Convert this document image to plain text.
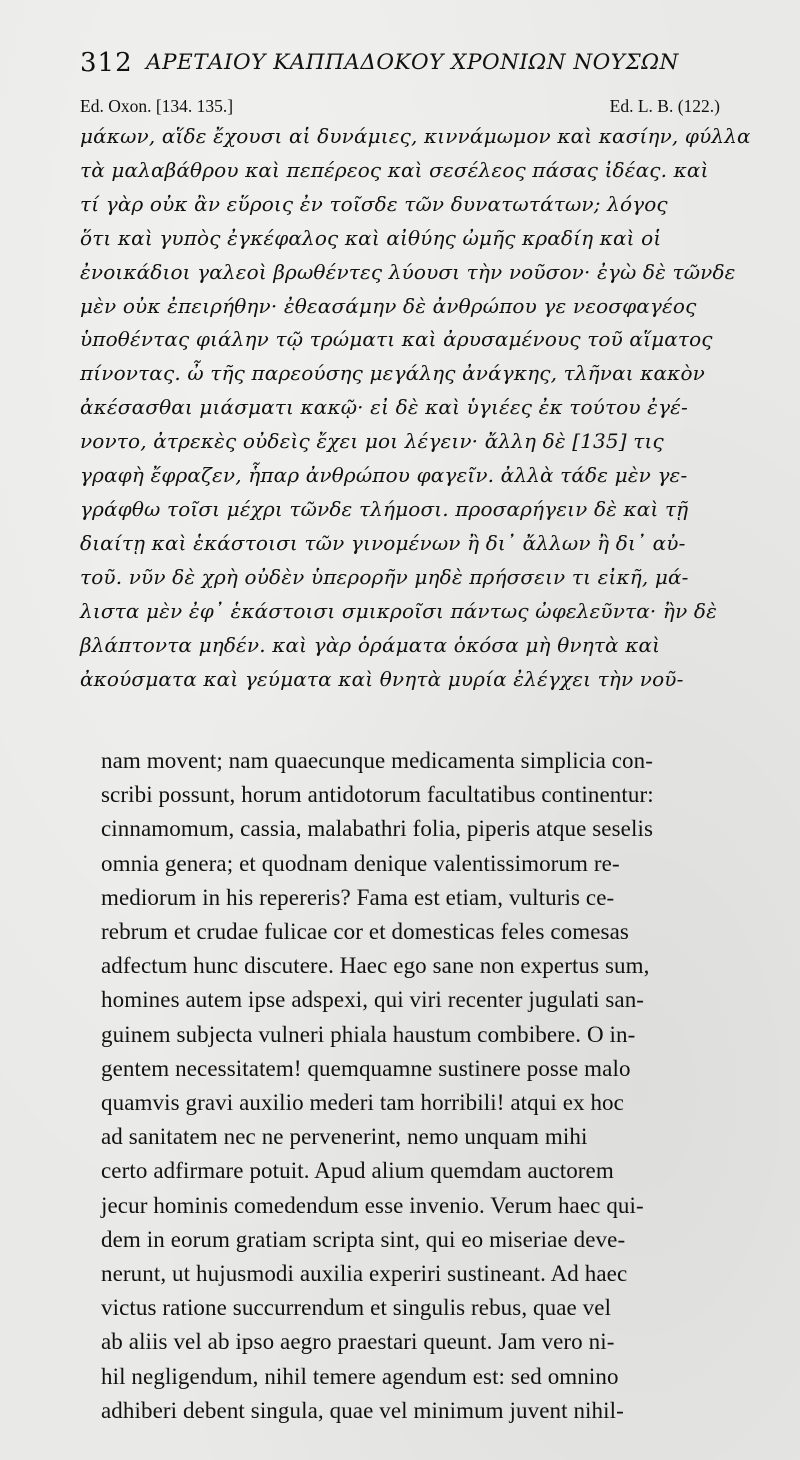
312 ΑΡΕΤΑΙΟΥ ΚΑΠΠΑΔΟΚΟΥ ΧΡΟΝΙΩΝ ΝΟΥΣΩΝ
Ed. Oxon. [134. 135.]	Ed. L. B. (122.)
μάκων, αἵδε ἔχουσι αἱ δυνάμιες, κιννάμωμον καὶ κασίην, φύλλα
τὰ μαλαβάθρου καὶ πεπέρεος καὶ σεσέλεος πάσας ἰδέας. καὶ
τί γὰρ οὐκ ἂν εὕροις ἐν τοῖσδε τῶν δυνατωτάτων; λόγος
ὅτι καὶ γυπὸς ἐγκέφαλος καὶ αἰθύης ὠμῆς κραδίη καὶ οἱ
ἐνοικάδιοι γαλεοὶ βρωθέντες λύουσι τὴν νοῦσον· ἐγὼ δὲ τῶνδε
μὲν οὐκ ἐπειρήθην· ἐθεασάμην δὲ ἀνθρώπου γε νεοσφαγέος
ὑποθέντας φιάλην τῷ τρώματι καὶ ἀρυσαμένους τοῦ αἵματος
πίνοντας. ὦ τῆς παρεούσης μεγάλης ἀνάγκης, τλῆναι κακὸν
ἀκέσασθαι μιάσματι κακῷ· εἰ δὲ καὶ ὑγιέες ἐκ τούτου ἐγέ-
νοντο, ἀτρεκὲς οὐδεὶς ἔχει μοι λέγειν· ἄλλη δὲ [135] τις
γραφὴ ἔφραζεν, ἧπαρ ἀνθρώπου φαγεῖν. ἀλλὰ τάδε μὲν γε-
γράφθω τοῖσι μέχρι τῶνδε τλήμοσι. προσαρήγειν δὲ καὶ τῇ
διαίτῃ καὶ ἑκάστοισι τῶν γινομένων ἢ δι᾽ ἄλλων ἢ δι᾽ αὐ-
τοῦ. νῦν δὲ χρὴ οὐδὲν ὑπερορῆν μηδὲ πρήσσειν τι εἰκῆ, μά-
λιστα μὲν ἐφ᾽ ἑκάστοισι σμικροῖσι πάντως ὠφελεῦντα· ἢν δὲ
βλάπτοντα μηδέν. καὶ γὰρ ὁράματα ὁκόσα μὴ θνητὰ καὶ
ἀκούσματα καὶ γεύματα καὶ θνητὰ μυρία ἐλέγχει τὴν νοῦ-
nam movent; nam quaecunque medicamenta simplicia con-
scribi possunt, horum antidotorum facultatibus continentur:
cinnamomum, cassia, malabathri folia, piperis atque seselis
omnia genera; et quodnam denique valentissimorum re-
mediorum in his repereris? Fama est etiam, vulturis ce-
rebrum et crudae fulicae cor et domesticas feles comesas
adfectum hunc discutere. Haec ego sane non expertus sum,
homines autem ipse adspexi, qui viri recenter jugulati san-
guinem subjecta vulneri phiala haustum combibere. O in-
gentem necessitatem! quemquamne sustinere posse malo
quamvis gravi auxilio mederi tam horribili! atqui ex hoc
ad sanitatem nec ne pervenerint, nemo unquam mihi
certo adfirmare potuit. Apud alium quemdam auctorem
jecur hominis comedendum esse invenio. Verum haec qui-
dem in eorum gratiam scripta sint, qui eo miseriae deve-
nerunt, ut hujusmodi auxilia experiri sustineant. Ad haec
victus ratione succurrendum et singulis rebus, quae vel
ab aliis vel ab ipso aegro praestari queunt. Jam vero ni-
hil negligendum, nihil temere agendum est: sed omnino
adhiberi debent singula, quae vel minimum juvent nihil-
